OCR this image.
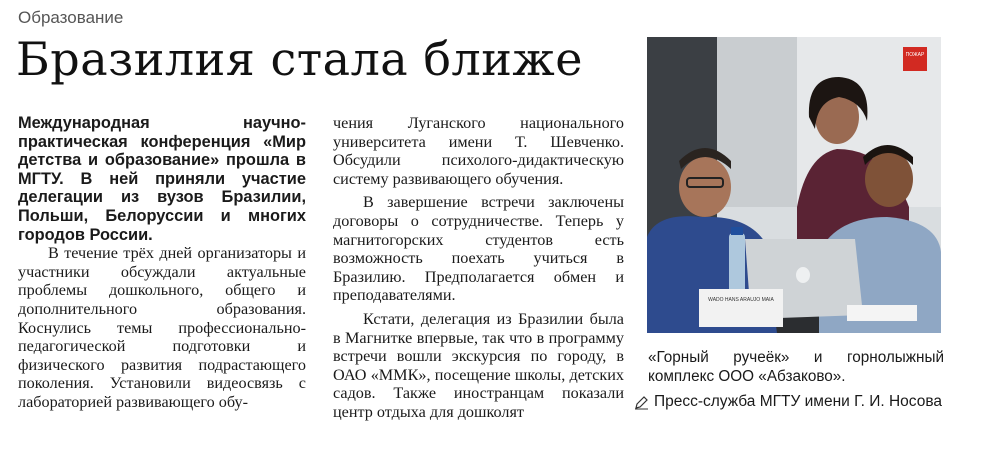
Образование
Бразилия стала ближе

Международная научно-практическая конференция «Мир детства и образование» прошла в МГТУ. В ней приняли участие делегации из вузов Бразилии, Польши, Белоруссии и многих городов России.

В течение трёх дней организаторы и участники обсуждали актуальные проблемы дошкольного, общего и дополнительного образования. Коснулись темы профессионально-педагогической подготовки и физического развития подрастающего поколения. Установили видеосвязь с лабораторией развивающего обу-

чения Луганского национального университета имени Т. Шевченко. Обсудили психолого-дидактическую систему развивающего обучения.

В завершение встречи заключены договоры о сотрудничестве. Теперь у магнитогорских студентов есть возможность поехать учиться в Бразилию. Предполагается обмен и преподавателями.

Кстати, делегация из Бразилии была в Магнитке впервые, так что в программу встречи вошли экскурсия по городу, в ОАО «ММК», посещение школы, детских садов. Также иностранцам показали центр отдыха для дошколят

ПОЖАР
WADO HANS ARAUJO MAIA

«Горный ручеёк» и горнолыжный комплекс ООО «Абзаково».

Пресс-служба МГТУ имени Г. И. Носова
